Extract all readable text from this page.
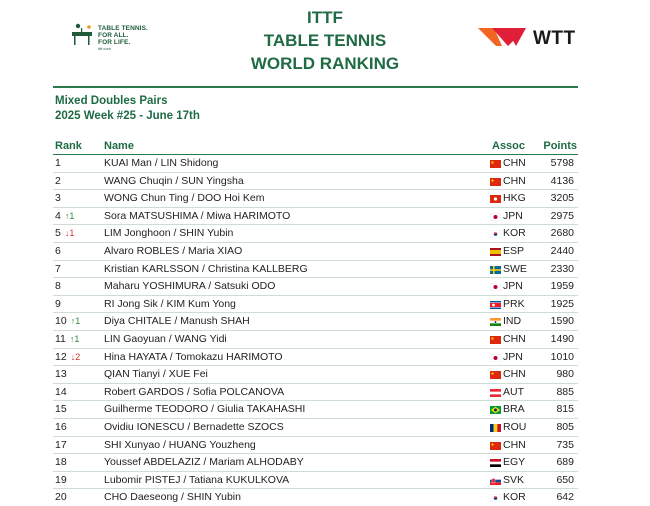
TABLE TENNIS.
FOR ALL.
FOR LIFE.
ittf.com
ITTF
TABLE TENNIS
WORLD RANKING
WTT
Mixed Doubles Pairs
2025 Week #25 - June 17th
Rank Name	Assoc Points
1	KUAI Man / LIN Shidong	CHN 5798
2	WANG Chuqin / SUN Yingsha	CHN 4136
3	WONG Chun Ting / DOO Hoi Kem	HKG 3205
4 ↑1	Sora MATSUSHIMA / Miwa HARIMOTO	JPN	2975
5 ↓1	LIM Jonghoon / SHIN Yubin	KOR 2680
6	Alvaro ROBLES / Maria XIAO	ESP	2440
7	Kristian KARLSSON / Christina KALLBERG	SWE 2330
8	Maharu YOSHIMURA / Satsuki ODO	JPN	1959
9	RI Jong Sik / KIM Kum Yong	PRK 1925
10 ↑1 Diya CHITALE / Manush SHAH	IND	1590
11 ↑1 LIN Gaoyuan / WANG Yidi	CHN 1490
12 ↓2 Hina HAYATA / Tomokazu HARIMOTO	JPN	1010
13	QIAN Tianyi / XUE Fei	CHN	980
14	Robert GARDOS / Sofia POLCANOVA	AUT	885
15	Guilherme TEODORO / Giulia TAKAHASHI	BRA	815
16	Ovidiu IONESCU / Bernadette SZOCS	ROU	805
17	SHI Xunyao / HUANG Youzheng	CHN	735
18	Youssef ABDELAZIZ / Mariam ALHODABY	EGY	689
19	Lubomir PISTEJ / Tatiana KUKULKOVA	SVK	650
20	CHO Daeseong / SHIN Yubin	KOR	642
